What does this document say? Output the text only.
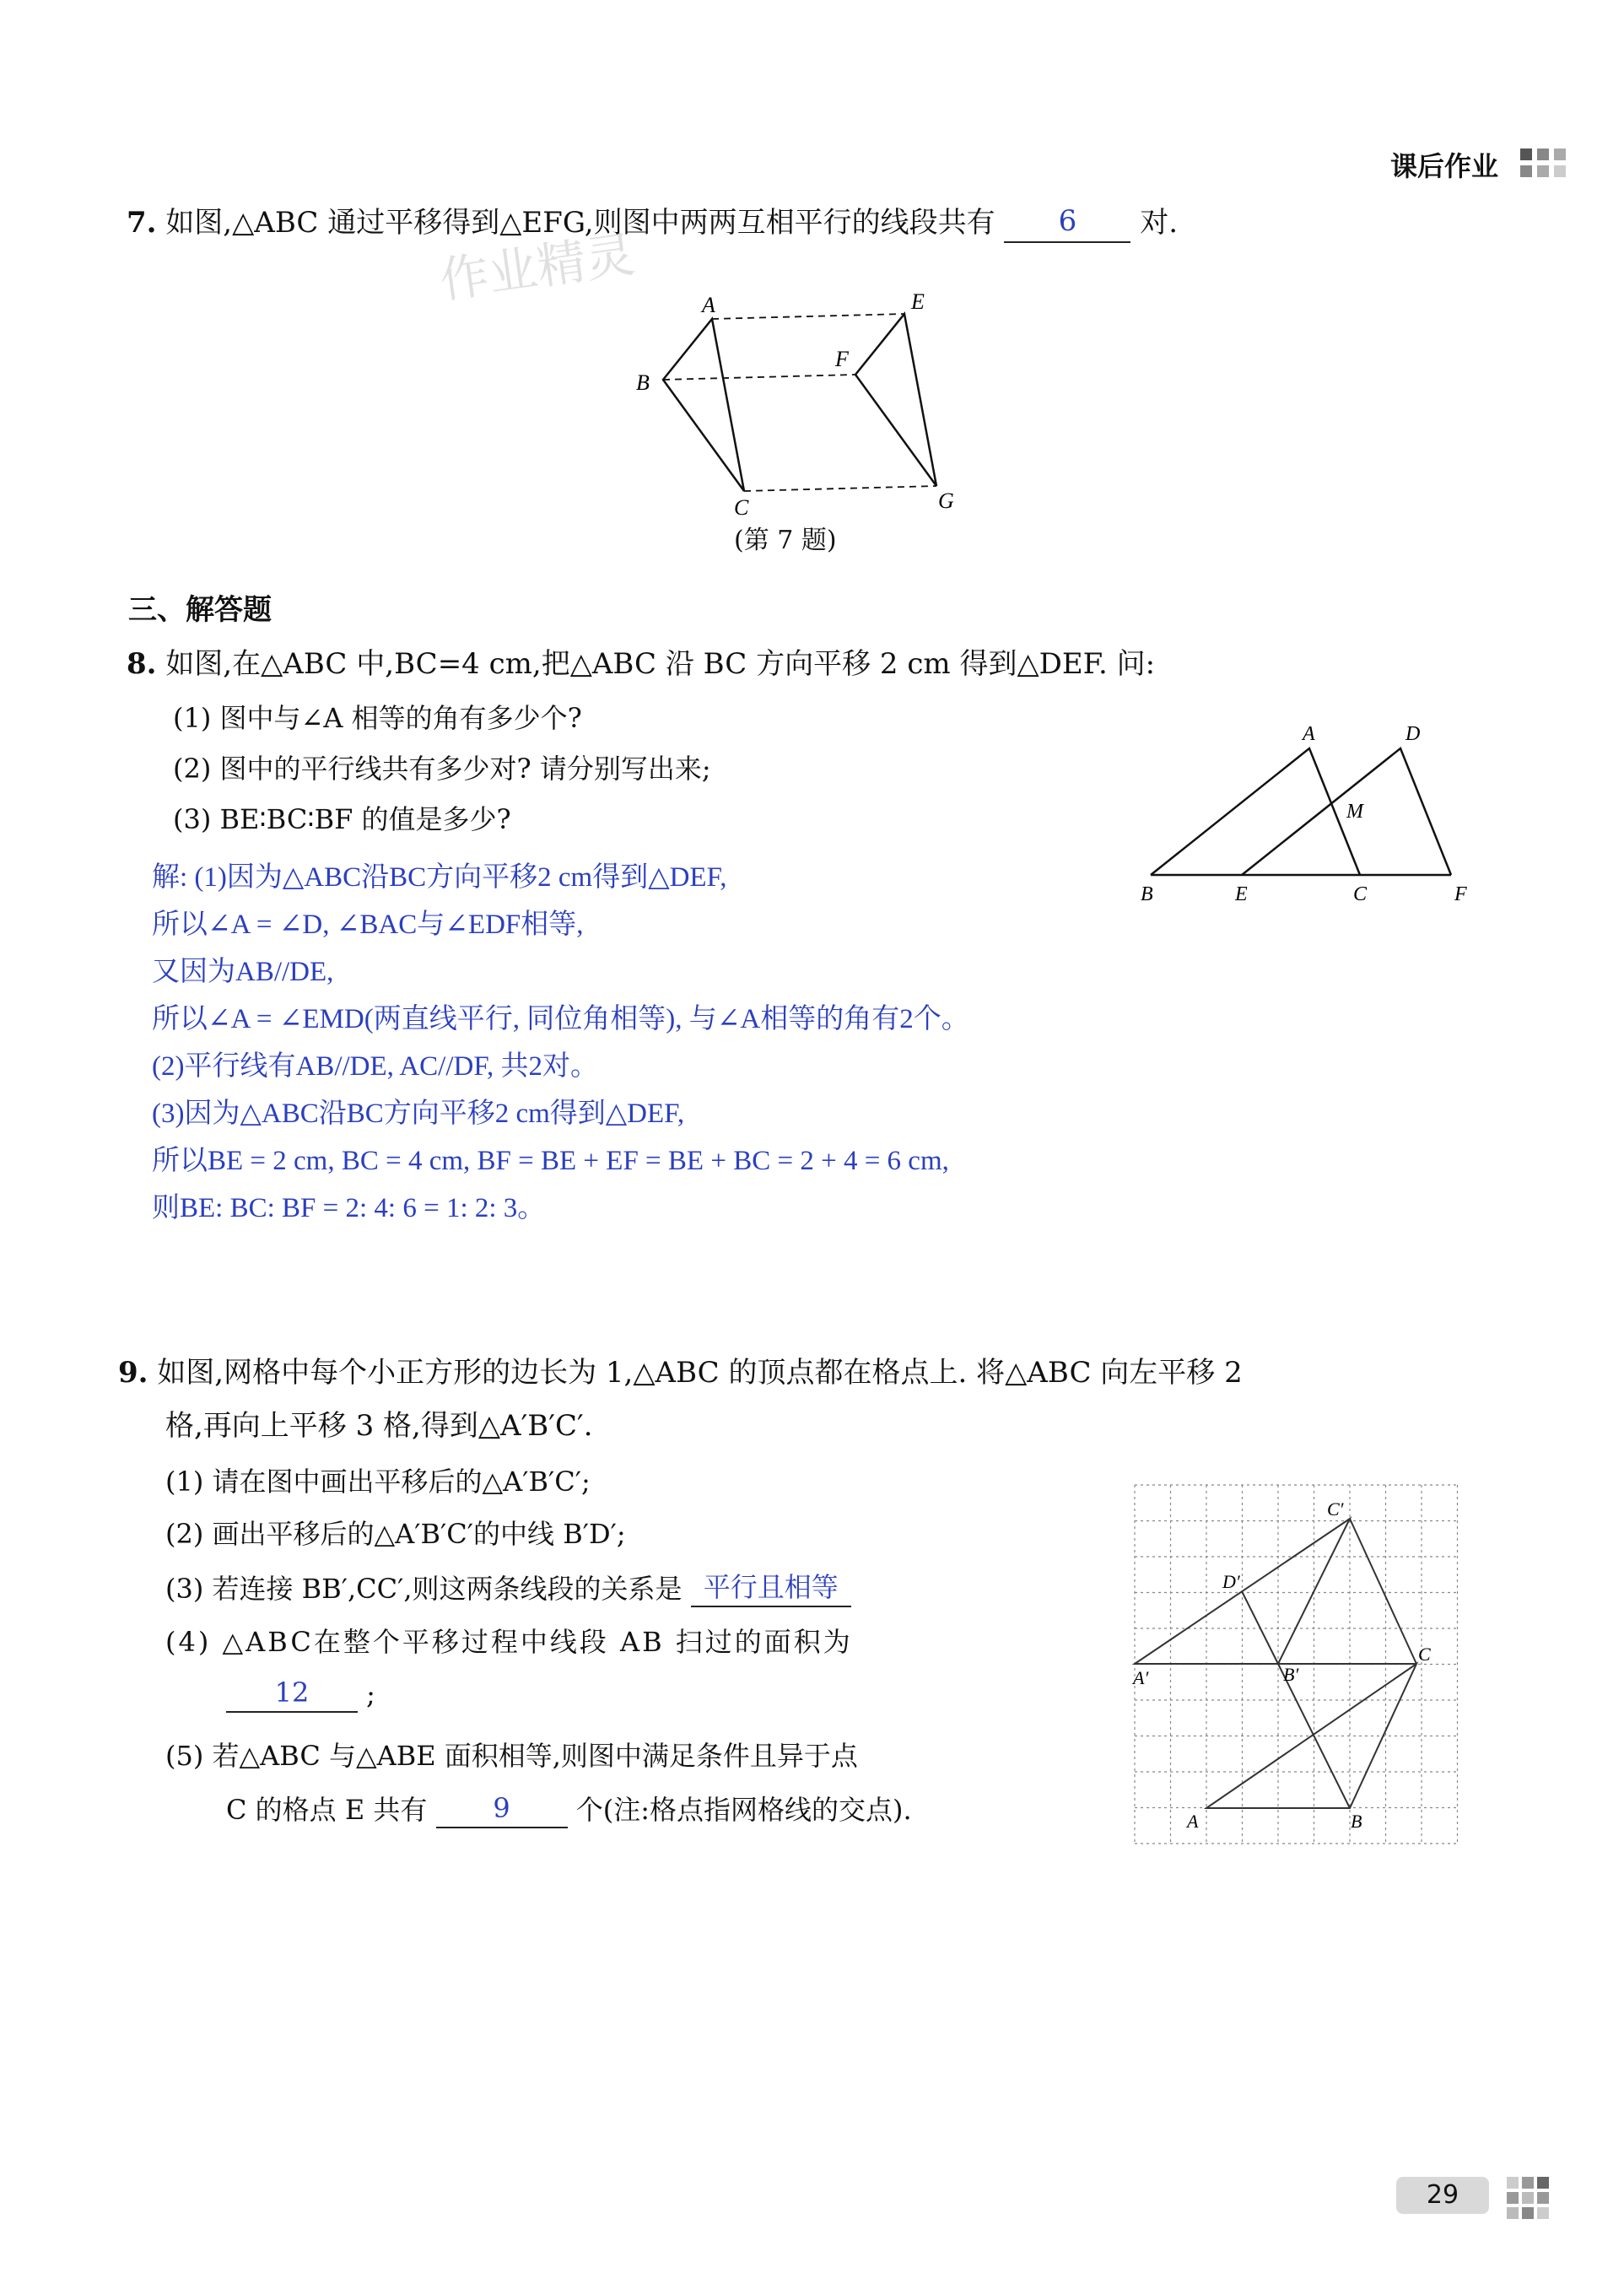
课后作业
作业精灵
7. 如图,△ABC 通过平移得到△EFG,则图中两两互相平行的线段共有 6 对.
A
B
C
E
F
G
(第 7 题)
三、解答题
8. 如图,在△ABC 中,BC=4 cm,把△ABC 沿 BC 方向平移 2 cm 得到△DEF. 问:
(1) 图中与∠A 相等的角有多少个?
(2) 图中的平行线共有多少对? 请分别写出来;
(3) BE∶BC∶BF 的值是多少?
A	D
M
B	E	C	F
解: (1)因为△ABC沿BC方向平移2 cm得到△DEF,
所以∠A = ∠D, ∠BAC与∠EDF相等,
又因为AB//DE,
所以∠A = ∠EMD(两直线平行, 同位角相等), 与∠A相等的角有2个。
(2)平行线有AB//DE, AC//DF, 共2对。
(3)因为△ABC沿BC方向平移2 cm得到△DEF,
所以BE = 2 cm, BC = 4 cm, BF = BE + EF = BE + BC = 2 + 4 = 6 cm,
则BE: BC: BF = 2: 4: 6 = 1: 2: 3。
9. 如图,网格中每个小正方形的边长为 1,△ABC 的顶点都在格点上. 将△ABC 向左平移 2
格,再向上平移 3 格,得到△A′B′C′.
(1) 请在图中画出平移后的△A′B′C′;
(2) 画出平移后的△A′B′C′的中线 B′D′;
(3) 若连接 BB′,CC′,则这两条线段的关系是 平行且相等
(4) △ABC在整个平移过程中线段 AB 扫过的面积为
12 ;
(5) 若△ABC 与△ABE 面积相等,则图中满足条件且异于点
C 的格点 E 共有 9 个(注:格点指网格线的交点).
C′
D′
A′
C
B′
A	B
29
